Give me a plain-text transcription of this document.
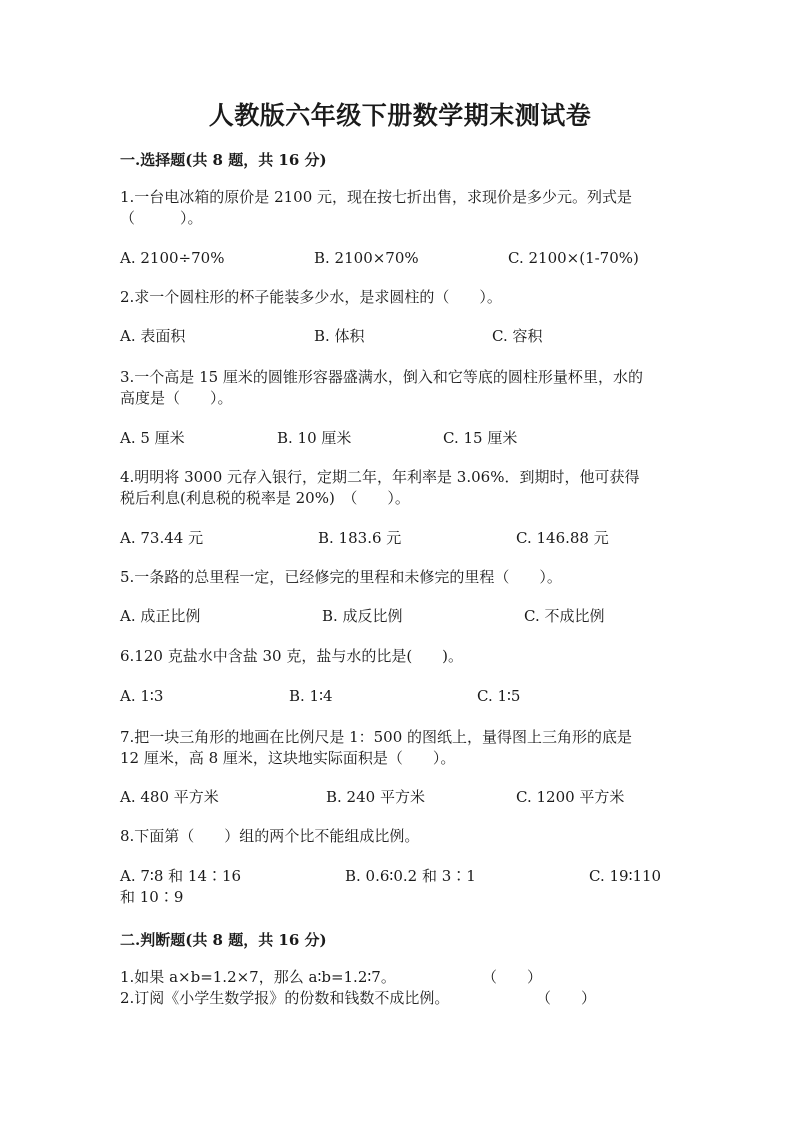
人教版六年级下册数学期末测试卷
一.选择题(共 8 题，共 16 分)
1.一台电冰箱的原价是 2100 元，现在按七折出售，求现价是多少元。列式是
（　　　）。
A. 2100÷70%	B. 2100×70%	C. 2100×(1-70%)
2.求一个圆柱形的杯子能装多少水，是求圆柱的（　　）。
A. 表面积	B. 体积	C. 容积
3.一个高是 15 厘米的圆锥形容器盛满水，倒入和它等底的圆柱形量杯里，水的
高度是（　　）。
A. 5 厘米	B. 10 厘米	C. 15 厘米
4.明明将 3000 元存入银行，定期二年，年利率是 3.06%．到期时，他可获得
税后利息(利息税的税率是 20%)　（　　）。
A. 73.44 元	B. 183.6 元	C. 146.88 元
5.一条路的总里程一定，已经修完的里程和未修完的里程（　　）。
A. 成正比例	B. 成反比例	C. 不成比例
6.120 克盐水中含盐 30 克，盐与水的比是(　　)。
A. 1∶3	B. 1∶4	C. 1∶5
7.把一块三角形的地画在比例尺是 1：500 的图纸上，量得图上三角形的底是
12 厘米，高 8 厘米，这块地实际面积是（　　）。
A. 480 平方米	B. 240 平方米	C. 1200 平方米
8.下面第（　　）组的两个比不能组成比例。
A. 7∶8 和 14∶16	B. 0.6∶0.2 和 3∶1	C. 19∶110
和 10∶9
二.判断题(共 8 题，共 16 分)
1.如果 a×b=1.2×7，那么 a∶b=1.2∶7。	（　　）
2.订阅《小学生数学报》的份数和钱数不成比例。	（　　）
